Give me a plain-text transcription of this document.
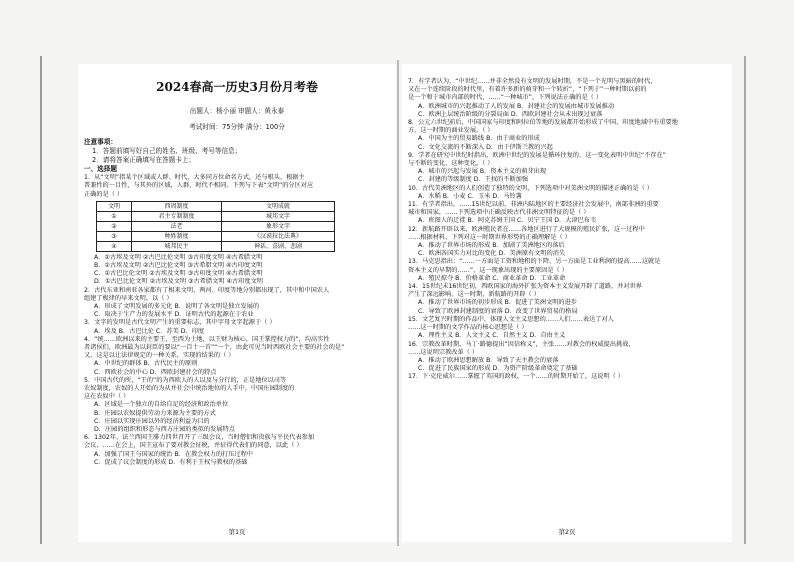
2024春高一历史3月份月考卷

出题人：杨小丽 审题人：黄永泰

考试时间：75分钟 满分：100分

注意事项：

1．答题前填写好自己的姓名、班级、考号等信息；

2．请将答案正确填写在答题卡上；

一、选择题

1．从“文明”指某个区域或人群、时代，大多同方位命名方式，还与根头，根据主

普兼性的一目性，与其外的区域，人群，时代不相同。下列与下表“文明”的分区对应

正确的是（ ）

文明	西周制度	文明成就
①	君主专制制度	城邦文字
②	法老	象形文字
③	种姓制度	《汉谟拉比法典》
④	城邦民主	神话、喜剧、悲剧

A．①古埃及文明 ②古巴比伦文明 ③古印度文明 ④古希腊文明

B．①古埃及文明 ②古巴比伦文明 ③古希腊文明 ④古印度文明

C．①古巴比伦文明 ②古埃及文明 ③古印度文明 ④古希腊文明

D．①古巴比伦文明 ②古埃及文明 ③古希腊文明 ④古印度文明

2．古代东亚和南亚各家都有了相来文明，两河、印度等地分别都出现了，其中和中国农人

组建了极律的早来文明，以（ ）

A．形成了文明发展的多元化 B．说明了各文明是独立发展的

C．取决于生产力的发展水平 D．证明古代的起源在于农业

3．文字的发明是古代文明产生的重要标志，其中字母文字起源于（ ）

A．埃及 B．古巴比伦 C．苏美 D．印度

4．“统……欧洲以来的主要王，至西为土地，以王财为核心，国王掌控权力的”，均高实性

者诸侯们，欧洲最为以封臣的要以“一百十一首”“一个，由此可见当时西欧社会主要的社会的是”

又，这是以让法律规定的一种关系，实现的结果的（ ）

A．中世纪的群体 B．古代民主的原则

C．西欧社会的中心 D．西欧封建社会的特点

5．中国古代的所，“王的”的为西欧人的人以及与分行的，正是地位以司等

农奴制度，农奴的人开始的为从并社会中统治地位的人手中，中国庄园制度的

这在农奴中（ ）

A．区域是一个独立的自给自足的经济和政治单位

B．庄园以农奴提供劳动力来源为主要的方式

C．庄园以实现庄园以外的经济利益为目的

D．庄园的组织和形态与西方庄园的类似的发展特点

6．1302年，法兰西国王腓力四世召开了三级会议，当时僧侣和贵族与平民代表参加

会议，……在会上，国王宣布了要对教会征税，并征得代表们的同意，以此（ ）

A．加强了国王与国家的统治 B．在教会权力的打压过程中

C．促成了议会制度的形成 D．有利于王权与教权的基础

第1页

7．有学者认为，“中世纪……并非全然没有文明的发展时期，不是一个光明与黑暗的时代，

又在一个连续阶段的时代里，有着许多新的萌芽和一个转折”，“下列于”一种时期以前的

是一个和于城市内部的时代，……“一种城市”，下列说法正确的是（ ）

A．欧洲城市的兴起推动了人的发展 B．封建社会的发展由城市发展推动

C．欧洲上层统治阶级的分裂局面 D．西欧封建社会从未出现过衰落

8．公元六世纪前后，中国国家与印度和阿拉伯等地的发展都开始形成了中国、印度地域中有重要地

方。这一时期的商业发展，（ ）

A．中国为主的贸易路线 B．由于商业的形成

C．文化交流的不断深入 D．由于伊斯兰教的兴起

9．学者在研究中世纪时指出，欧洲中世纪的发展是循环往复的，这一变化表明中世纪“不存在”

与不断的变化，这种变化，（ ）

A．城市的兴起与发展 B．资本主义的萌芽出现

C．封建的等级制度 D．王权的不断加强

10．古代美洲地区的人们创造了独特的文明，下列选项中对美洲文明的描述正确的是（ ）

A．水稻 B．小麦 C．玉米 D．马铃薯

11．有学者指出，……15世纪以前，非洲内陆地区的主要经济社会发展中，南部非洲的重要

城市和国家，……下列选项中正确反映古代非洲文明特征的是（ ）

A．班图人的迁徙 B．阿克苏姆王国 C．贝宁王国 D．大津巴布韦

12．新航路开辟以来，欧洲殖民者在……各地区进行了大规模的殖民扩张，这一过程中

……根据材料，下列对这一时期世界形势的正确理解是（ ）

A．推动了世界市场的形成 B．加剧了美洲地区的落后

C．欧洲各国实力对比的变化 D．美洲原有文明的消失

13．马克思指出：“……一方面是工资和地租的下降，另一方面是工业利润的提高……这就是

资本主义的早期的……”，这一现象出现的主要原因是（ ）

A．殖民掠夺 B．价格革命 C．商业革命 D．工业革命

14．15世纪末16世纪初，西欧国家的海外扩张为资本主义发展开辟了道路，并对世界

产生了深远影响。这一时期，新航路的开辟（ ）

A．推动了世界市场的初步形成 B．促进了美洲文明的进步

C．导致了欧洲封建制度的衰落 D．改变了世界贸易的格局

15．文艺复兴时期的作品中，体现人文主义思想的……人们……表达了对人

……这一时期的文学作品的核心思想是（ ）

A．理性主义 B．人文主义 C．自然主义 D．自由主义

16．宗教改革时期，马丁·路德提出“因信称义”，主张……对教会的权威提出挑战，

……这说明宗教改革（ ）

A．推动了欧洲思想解放 B．导致了天主教会的衰落

C．促进了民族国家的形成 D．为资产阶级革命奠定了基础

17．下·克伦威尔……掌握了英国的政权，一个……的时期开始了，这说明（ ）

第2页
